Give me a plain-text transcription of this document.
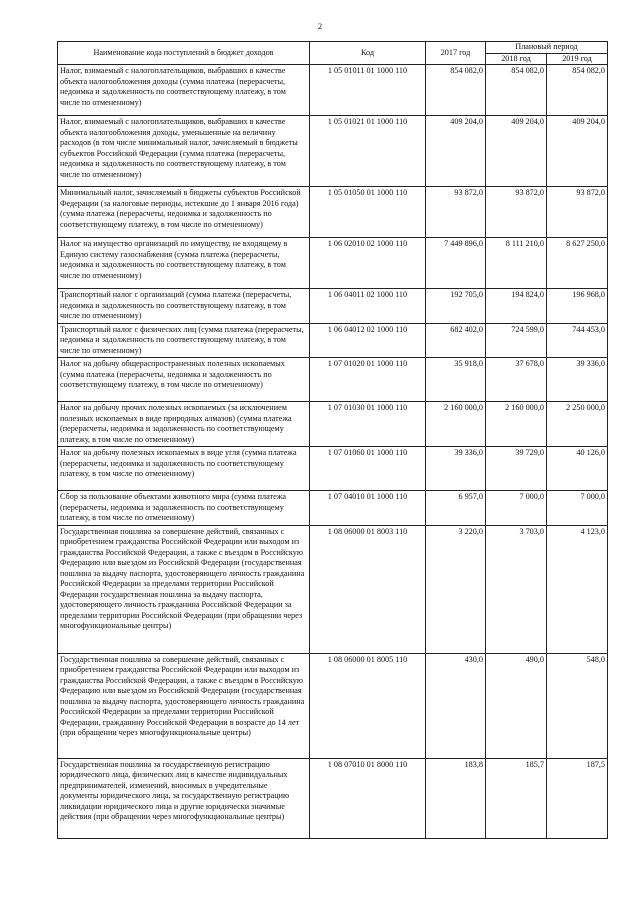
2
Наименование кода поступлений в бюджет доходов	Код	2017 год	Плановый период	
			2018 год	2019 год
Налог, взимаемый с налогоплательщиков, выбравших в качестве объекта налогообложения доходы (сумма платежа (перерасчеты, недоимка и задолженность по соответствующему платежу, в том числе по отмененному)	1 05 01011 01 1000 110	854 082,0	854 082,0	854 082,0
Налог, взимаемый с налогоплательщиков, выбравших в качестве объекта налогообложения доходы, уменьшенные на величину расходов (в том числе минимальный налог, зачисляемый в бюджеты субъектов Российской Федерации (сумма платежа (перерасчеты, недоимка и задолженность по соответствующему платежу, в том числе по отмененному)	1 05 01021 01 1000 110	409 204,0	409 204,0	409 204,0
Минимальный налог, зачисляемый в бюджеты субъектов Российской Федерации (за налоговые периоды, истекшие до 1 января 2016 года) (сумма платежа (перерасчеты, недоимка и задолженность по соответствующему платежу, в том числе по отмененному)	1 05 01050 01 1000 110	93 872,0	93 872,0	93 872,0
Налог на имущество организаций по имуществу, не входящему в Единую систему газоснабжения (сумма платежа (перерасчеты, недоимка и задолженность по соответствующему платежу, в том числе по отмененному)	1 06 02010 02 1000 110	7 449 896,0	8 111 210,0	8 627 250,0
Транспортный налог с организаций (сумма платежа (перерасчеты, недоимка и задолженность по соответствующему платежу, в том числе по отмененному)	1 06 04011 02 1000 110	192 705,0	194 824,0	196 968,0
Транспортный налог с физических лиц (сумма платежа (перерасчеты, недоимка и задолженность по соответствующему платежу, в том числе по отмененному)	1 06 04012 02 1000 110	682 402,0	724 599,0	744 453,0
Налог на добычу общераспространенных полезных ископаемых (сумма платежа (перерасчеты, недоимка и задолженность по соответствующему платежу, в том числе по отмененному)	1 07 01020 01 1000 110	35 918,0	37 678,0	39 336,0
Налог на добычу прочих полезных ископаемых (за исключением полезных ископаемых в виде природных алмазов) (сумма платежа (перерасчеты, недоимка и задолженность по соответствующему платежу, в том числе по отмененному)	1 07 01030 01 1000 110	2 160 000,0	2 160 000,0	2 250 000,0
Налог на добычу полезных ископаемых в виде угля (сумма платежа (перерасчеты, недоимка и задолженность по соответствующему платежу, в том числе по отмененному)	1 07 01060 01 1000 110	39 336,0	39 729,0	40 126,0
Сбор за пользование объектами животного мира (сумма платежа (перерасчеты, недоимка и задолженность по соответствующему платежу, в том числе по отмененному)	1 07 04010 01 1000 110	6 957,0	7 000,0	7 000,0
Государственная пошлина за совершение действий, связанных с приобретением гражданства Российской Федерации или выходом из гражданства Российской Федерации, а также с въездом в Российскую Федерацию или выездом из Российской Федерации (государственная пошлина за выдачу паспорта, удостоверяющего личность гражданина Российской Федерации за пределами территории Российской Федерации государственная пошлина за выдачу паспорта, удостоверяющего личность гражданина Российской Федерации за пределами территории Российской Федерации (при обращении через многофункциональные центры)	1 08 06000 01 8003 110	3 220,0	3 703,0	4 123,0
Государственная пошлина за совершение действий, связанных с приобретением гражданства Российской Федерации или выходом из гражданства Российской Федерации, а также с въездом в Российскую Федерацию или выездом из Российской Федерации (государственная пошлина за выдачу паспорта, удостоверяющего личность гражданина Российской Федерации за пределами территории Российской Федерации, гражданину Российской Федерации в возрасте до 14 лет (при обращении через многофункциональные центры)	1 08 06000 01 8005 110	430,0	490,0	548,0
Государственная пошлина за государственную регистрацию юридического лица, физических лиц в качестве индивидуальных предпринимателей, изменений, вносимых в учредительные документы юридического лица, за государственную регистрацию ликвидации юридического лица и другие юридически значимые действия (при обращении через многофункциональные центры)	1 08 07010 01 8000 110	183,8	185,7	187,5
